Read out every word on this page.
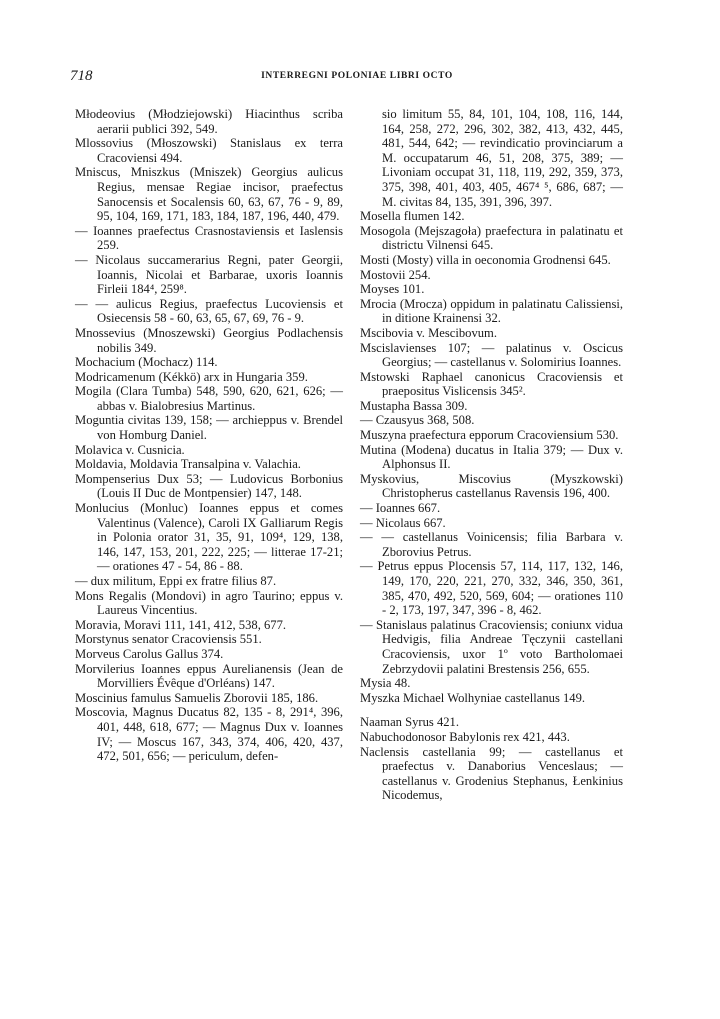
718	INTERREGNI POLONIAE LIBRI OCTO
Młodeovius (Młodziejowski) Hiacinthus scriba aerarii publici 392, 549.
Mlossovius (Młoszowski) Stanislaus ex terra Cracoviensi 494.
Mniscus, Mniszkus (Mniszek) Georgius aulicus Regius, mensae Regiae incisor, praefectus Sanocensis et Socalensis 60, 63, 67, 76 - 9, 89, 95, 104, 169, 171, 183, 184, 187, 196, 440, 479.
— Ioannes praefectus Crasnostaviensis et Iaslensis 259.
— Nicolaus succamerarius Regni, pater Georgii, Ioannis, Nicolai et Barbarae, uxoris Ioannis Firleii 184⁴, 259⁸.
— — aulicus Regius, praefectus Lucoviensis et Osiecensis 58 - 60, 63, 65, 67, 69, 76 - 9.
Mnossevius (Mnoszewski) Georgius Podlachensis nobilis 349.
Mochacium (Mochacz) 114.
Modricamenum (Kékkö) arx in Hungaria 359.
Mogila (Clara Tumba) 548, 590, 620, 621, 626; — abbas v. Bialobresius Martinus.
Moguntia civitas 139, 158; — archieppus v. Brendel von Homburg Daniel.
Molavica v. Cusnicia.
Moldavia, Moldavia Transalpina v. Valachia.
Mompenserius Dux 53; — Ludovicus Borbonius (Louis II Duc de Montpensier) 147, 148.
Monlucius (Monluc) Ioannes eppus et comes Valentinus (Valence), Caroli IX Galliarum Regis in Polonia orator 31, 35, 91, 109⁴, 129, 138, 146, 147, 153, 201, 222, 225; — litterae 17-21; — orationes 47 - 54, 86 - 88.
— dux militum, Eppi ex fratre filius 87.
Mons Regalis (Mondovi) in agro Taurino; eppus v. Laureus Vincentius.
Moravia, Moravi 111, 141, 412, 538, 677.
Morstynus senator Cracoviensis 551.
Morveus Carolus Gallus 374.
Morvilerius Ioannes eppus Aurelianensis (Jean de Morvilliers Évêque d'Orléans) 147.
Moscinius famulus Samuelis Zborovii 185, 186.
Moscovia, Magnus Ducatus 82, 135 - 8, 291⁴, 396, 401, 448, 618, 677; — Magnus Dux v. Ioannes IV; — Moscus 167, 343, 374, 406, 420, 437, 472, 501, 656; — periculum, defen-
sio limitum 55, 84, 101, 104, 108, 116, 144, 164, 258, 272, 296, 302, 382, 413, 432, 445, 481, 544, 642; — revindicatio provinciarum a M. occupatarum 46, 51, 208, 375, 389; — Livoniam occupat 31, 118, 119, 292, 359, 373, 375, 398, 401, 403, 405, 467⁴ ⁵, 686, 687; — M. civitas 84, 135, 391, 396, 397.
Mosella flumen 142.
Mosogola (Mejszagoła) praefectura in palatinatu et districtu Vilnensi 645.
Mosti (Mosty) villa in oeconomia Grodnensi 645.
Mostovii 254.
Moyses 101.
Mrocia (Mrocza) oppidum in palatinatu Calissiensi, in ditione Krainensi 32.
Mscibovia v. Mescibovum.
Mscislavienses 107; — palatinus v. Oscicus Georgius; — castellanus v. Solomirius Ioannes.
Mstowski Raphael canonicus Cracoviensis et praepositus Vislicensis 345².
Mustapha Bassa 309.
— Czausyus 368, 508.
Muszyna praefectura epporum Cracoviensium 530.
Mutina (Modena) ducatus in Italia 379; — Dux v. Alphonsus II.
Myskovius, Miscovius (Myszkowski) Christopherus castellanus Ravensis 196, 400.
— Ioannes 667.
— Nicolaus 667.
— — castellanus Voinicensis; filia Barbara v. Zborovius Petrus.
— Petrus eppus Plocensis 57, 114, 117, 132, 146, 149, 170, 220, 221, 270, 332, 346, 350, 361, 385, 470, 492, 520, 569, 604; — orationes 110 - 2, 173, 197, 347, 396 - 8, 462.
— Stanislaus palatinus Cracoviensis; coniunx vidua Hedvigis, filia Andreae Tęczynii castellani Cracoviensis, uxor 1º voto Bartholomaei Zebrzydovii palatini Brestensis 256, 655.
Mysia 48.
Myszka Michael Wolhyniae castellanus 149.
Naaman Syrus 421.
Nabuchodonosor Babylonis rex 421, 443.
Naclensis castellania 99; — castellanus et praefectus v. Danaborius Venceslaus; — castellanus v. Grodenius Stephanus, Łenkinius Nicodemus,
